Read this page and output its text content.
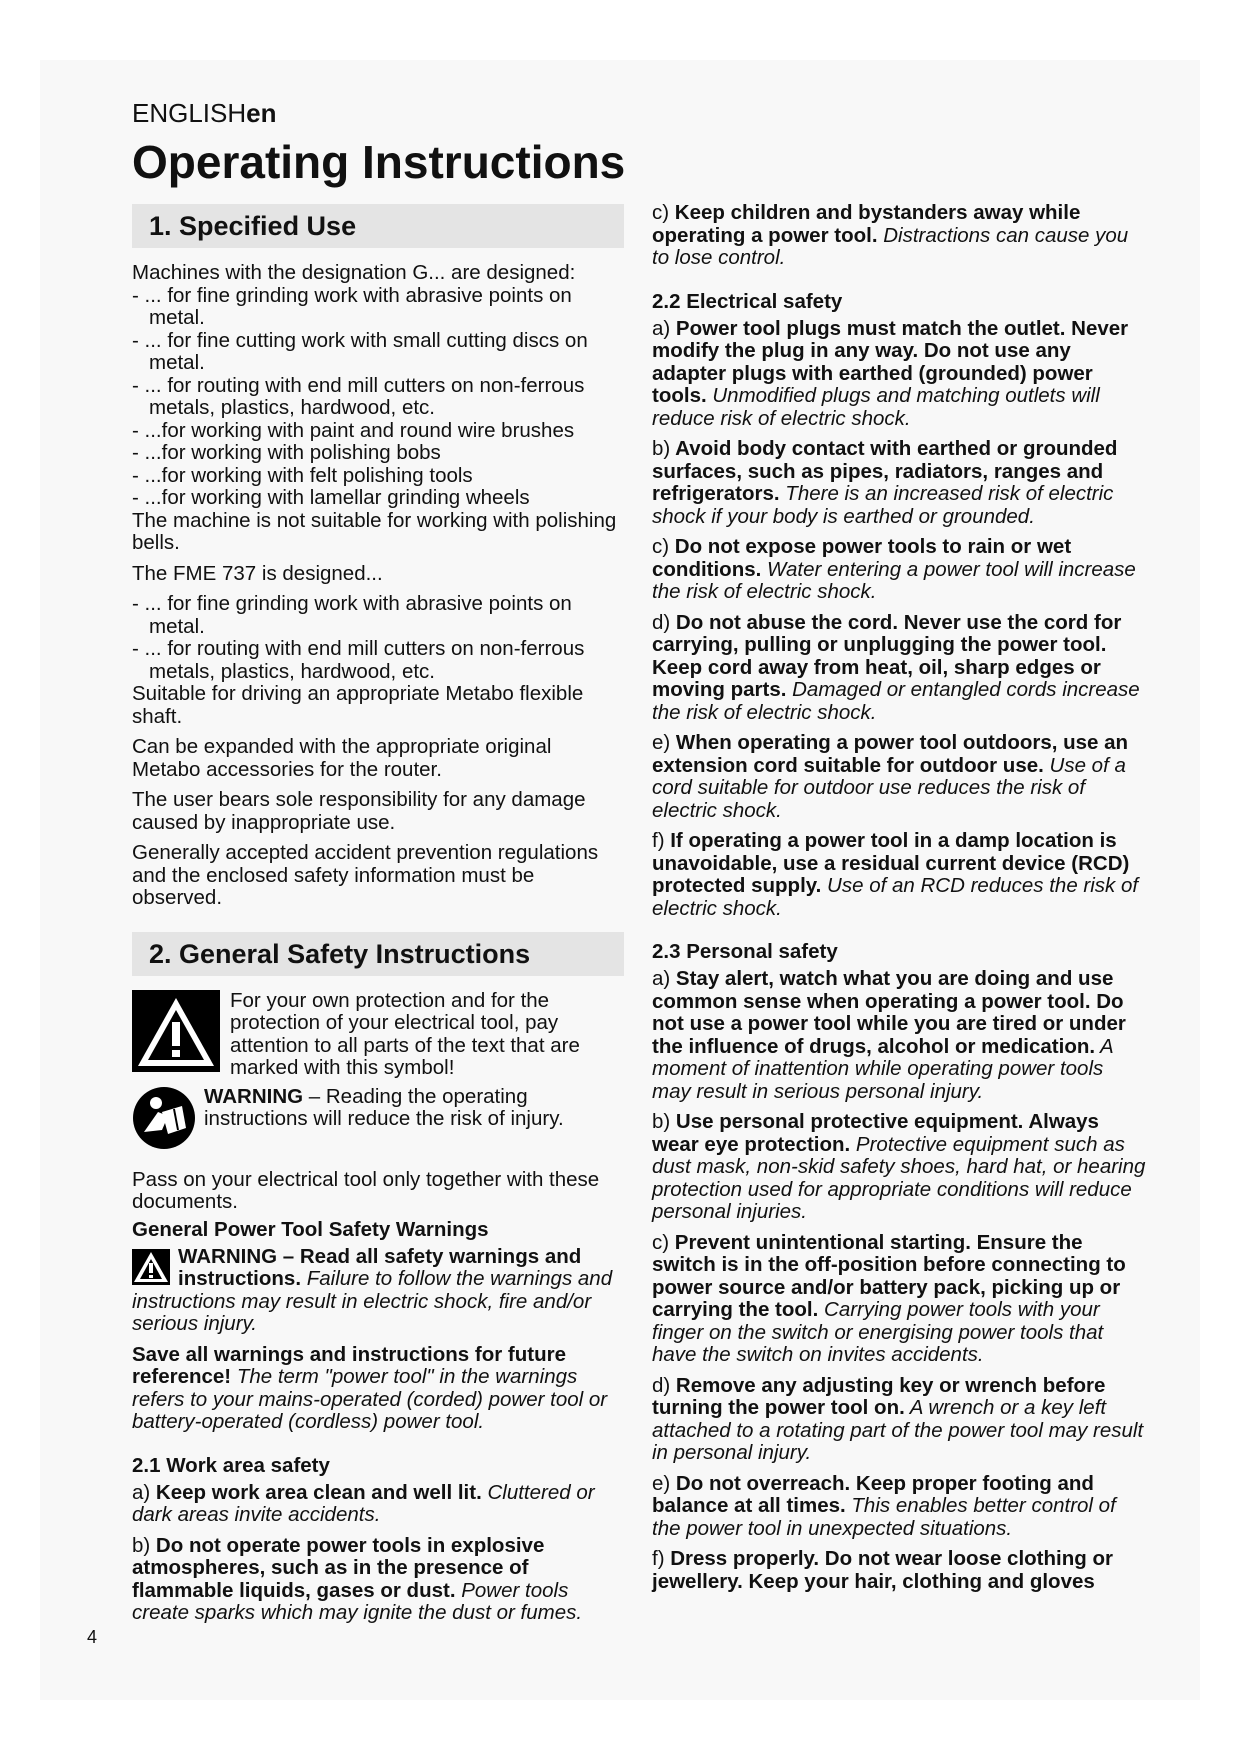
ENGLISHen
Operating Instructions
1. Specified Use

Machines with the designation G... are designed:

- ... for fine grinding work with abrasive points on metal.
- ... for fine cutting work with small cutting discs on metal.
- ... for routing with end mill cutters on non-ferrous metals, plastics, hardwood, etc.
- ...for working with paint and round wire brushes
- ...for working with polishing bobs
- ...for working with felt polishing tools
- ...for working with lamellar grinding wheels

The machine is not suitable for working with polishing bells.

The FME 737 is designed...

- ... for fine grinding work with abrasive points on metal.
- ... for routing with end mill cutters on non-ferrous metals, plastics, hardwood, etc.

Suitable for driving an appropriate Metabo flexible shaft.

Can be expanded with the appropriate original Metabo accessories for the router.

The user bears sole responsibility for any damage caused by inappropriate use.

Generally accepted accident prevention regulations and the enclosed safety information must be observed.

2. General Safety Instructions
For your own protection and for the protection of your electrical tool, pay attention to all parts of the text that are marked with this symbol!
WARNING – Reading the operating instructions will reduce the risk of injury.

Pass on your electrical tool only together with these documents.

General Power Tool Safety Warnings

WARNING – Read all safety warnings and instructions. Failure to follow the warnings and instructions may result in electric shock, fire and/or serious injury.

Save all warnings and instructions for future reference! The term "power tool" in the warnings refers to your mains-operated (corded) power tool or battery-operated (cordless) power tool.

2.1 Work area safety

a) Keep work area clean and well lit. Cluttered or dark areas invite accidents.

b) Do not operate power tools in explosive atmospheres, such as in the presence of flammable liquids, gases or dust. Power tools create sparks which may ignite the dust or fumes.

c) Keep children and bystanders away while operating a power tool. Distractions can cause you to lose control.

2.2 Electrical safety

a) Power tool plugs must match the outlet. Never modify the plug in any way. Do not use any adapter plugs with earthed (grounded) power tools. Unmodified plugs and matching outlets will reduce risk of electric shock.

b) Avoid body contact with earthed or grounded surfaces, such as pipes, radiators, ranges and refrigerators. There is an increased risk of electric shock if your body is earthed or grounded.

c) Do not expose power tools to rain or wet conditions. Water entering a power tool will increase the risk of electric shock.

d) Do not abuse the cord. Never use the cord for carrying, pulling or unplugging the power tool. Keep cord away from heat, oil, sharp edges or moving parts. Damaged or entangled cords increase the risk of electric shock.

e) When operating a power tool outdoors, use an extension cord suitable for outdoor use. Use of a cord suitable for outdoor use reduces the risk of electric shock.

f) If operating a power tool in a damp location is unavoidable, use a residual current device (RCD) protected supply. Use of an RCD reduces the risk of electric shock.

2.3 Personal safety

a) Stay alert, watch what you are doing and use common sense when operating a power tool. Do not use a power tool while you are tired or under the influence of drugs, alcohol or medication. A moment of inattention while operating power tools may result in serious personal injury.

b) Use personal protective equipment. Always wear eye protection. Protective equipment such as dust mask, non-skid safety shoes, hard hat, or hearing protection used for appropriate conditions will reduce personal injuries.

c) Prevent unintentional starting. Ensure the switch is in the off-position before connecting to power source and/or battery pack, picking up or carrying the tool. Carrying power tools with your finger on the switch or energising power tools that have the switch on invites accidents.

d) Remove any adjusting key or wrench before turning the power tool on. A wrench or a key left attached to a rotating part of the power tool may result in personal injury.

e) Do not overreach. Keep proper footing and balance at all times. This enables better control of the power tool in unexpected situations.

f) Dress properly. Do not wear loose clothing or jewellery. Keep your hair, clothing and gloves

4
